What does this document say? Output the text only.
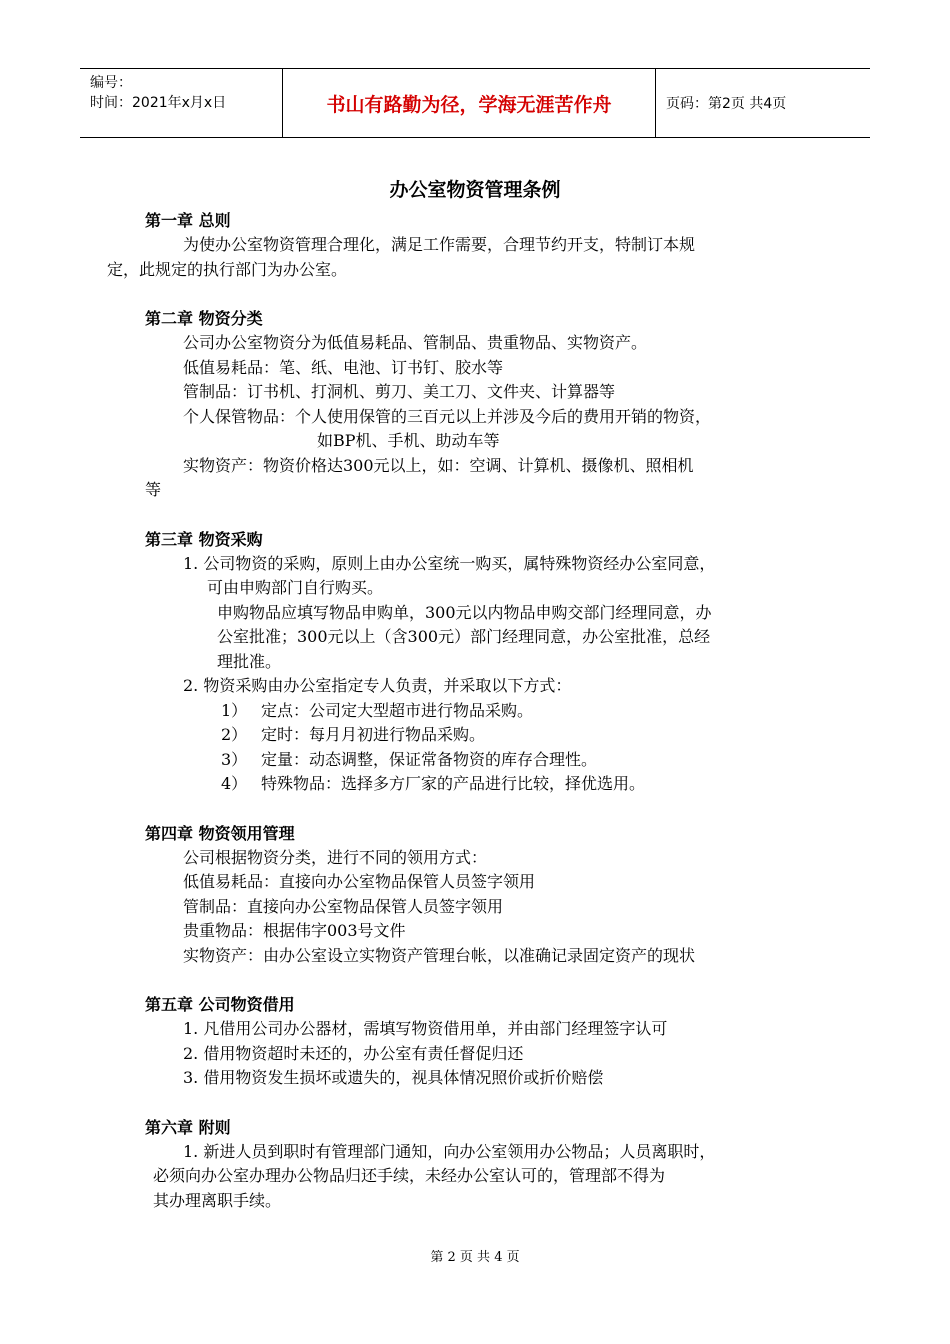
编号：
时间：2021年x月x日	书山有路勤为径，学海无涯苦作舟	页码：第2页 共4页
办公室物资管理条例
第一章 总则
为使办公室物资管理合理化，满足工作需要，合理节约开支，特制订本规
定，此规定的执行部门为办公室。
第二章 物资分类
公司办公室物资分为低值易耗品、管制品、贵重物品、实物资产。
低值易耗品：笔、纸、电池、订书钉、胶水等
管制品：订书机、打洞机、剪刀、美工刀、文件夹、计算器等
个人保管物品：个人使用保管的三百元以上并涉及今后的费用开销的物资，
如BP机、手机、助动车等
实物资产：物资价格达300元以上，如：空调、计算机、摄像机、照相机
等
第三章 物资采购
1. 公司物资的采购，原则上由办公室统一购买，属特殊物资经办公室同意，
可由申购部门自行购买。
申购物品应填写物品申购单，300元以内物品申购交部门经理同意，办
公室批准；300元以上（含300元）部门经理同意，办公室批准，总经
理批准。
2. 物资采购由办公室指定专人负责，并采取以下方式：
1） 定点：公司定大型超市进行物品采购。
2） 定时：每月月初进行物品采购。
3） 定量：动态调整，保证常备物资的库存合理性。
4） 特殊物品：选择多方厂家的产品进行比较，择优选用。
第四章 物资领用管理
公司根据物资分类，进行不同的领用方式：
低值易耗品：直接向办公室物品保管人员签字领用
管制品：直接向办公室物品保管人员签字领用
贵重物品：根据伟字003号文件
实物资产：由办公室设立实物资产管理台帐，以准确记录固定资产的现状
第五章 公司物资借用
1. 凡借用公司办公器材，需填写物资借用单，并由部门经理签字认可
2. 借用物资超时未还的，办公室有责任督促归还
3. 借用物资发生损坏或遗失的，视具体情况照价或折价赔偿
第六章 附则
1. 新进人员到职时有管理部门通知，向办公室领用办公物品；人员离职时，
必须向办公室办理办公物品归还手续，未经办公室认可的，管理部不得为
其办理离职手续。
第 2 页 共 4 页
